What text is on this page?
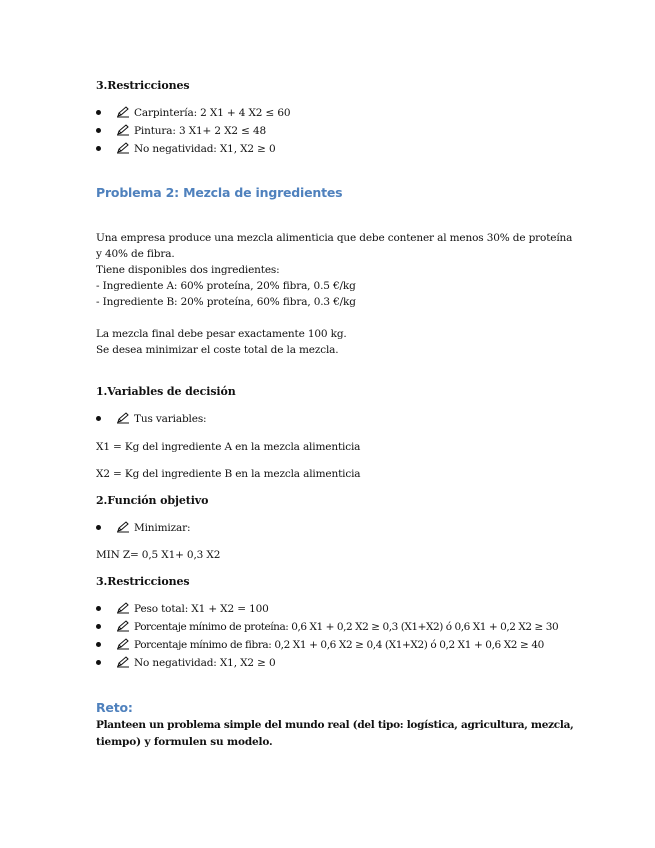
3.Restricciones
Carpintería: 2 X1 + 4 X2 ≤ 60
Pintura: 3 X1+ 2 X2 ≤ 48
No negatividad: X1, X2 ≥ 0
Problema 2: Mezcla de ingredientes
Una empresa produce una mezcla alimenticia que debe contener al menos 30% de proteína
y 40% de fibra.
Tiene disponibles dos ingredientes:
- Ingrediente A: 60% proteína, 20% fibra, 0.5 €/kg
- Ingrediente B: 20% proteína, 60% fibra, 0.3 €/kg
La mezcla final debe pesar exactamente 100 kg.
Se desea minimizar el coste total de la mezcla.
1.Variables de decisión
Tus variables:
X1 = Kg del ingrediente A en la mezcla alimenticia
X2 = Kg del ingrediente B en la mezcla alimenticia
2.Función objetivo
Minimizar:
MIN Z= 0,5 X1+ 0,3 X2
3.Restricciones
Peso total: X1 + X2 = 100
Porcentaje mínimo de proteína: 0,6 X1 + 0,2 X2 ≥ 0,3 (X1+X2) ó 0,6 X1 + 0,2 X2 ≥ 30
Porcentaje mínimo de fibra: 0,2 X1 + 0,6 X2 ≥ 0,4 (X1+X2) ó 0,2 X1 + 0,6 X2 ≥ 40
No negatividad: X1, X2 ≥ 0
Reto:
Planteen un problema simple del mundo real (del tipo: logística, agricultura, mezcla,
tiempo) y formulen su modelo.
